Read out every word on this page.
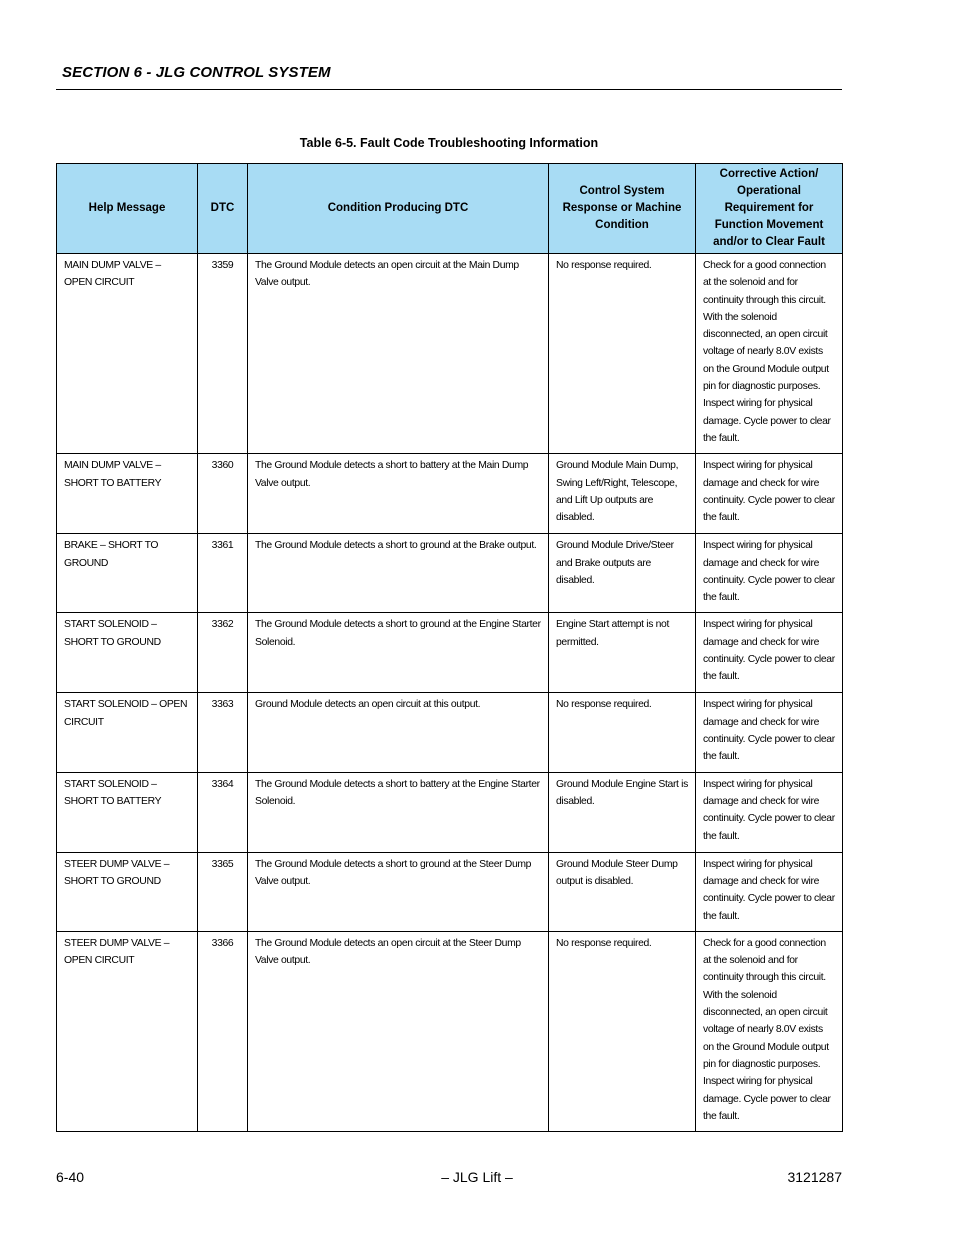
SECTION 6 - JLG CONTROL SYSTEM
Table 6-5. Fault Code Troubleshooting Information
Help Message	DTC	Condition Producing DTC	Control System Response or Machine Condition	Corrective Action/ Operational Requirement for Function Movement and/or to Clear Fault
MAIN DUMP VALVE – OPEN CIRCUIT	3359	The Ground Module detects an open circuit at the Main Dump Valve output.	No response required.	Check for a good connection at the solenoid and for continuity through this circuit. With the solenoid disconnected, an open circuit voltage of nearly 8.0V exists on the Ground Module output pin for diagnostic purposes. Inspect wiring for physical damage. Cycle power to clear the fault.
MAIN DUMP VALVE – SHORT TO BATTERY	3360	The Ground Module detects a short to battery at the Main Dump Valve output.	Ground Module Main Dump, Swing Left/Right, Telescope, and Lift Up outputs are disabled.	Inspect wiring for physical damage and check for wire continuity. Cycle power to clear the fault.
BRAKE – SHORT TO GROUND	3361	The Ground Module detects a short to ground at the Brake output.	Ground Module Drive/Steer and Brake outputs are disabled.	Inspect wiring for physical damage and check for wire continuity. Cycle power to clear the fault.
START SOLENOID – SHORT TO GROUND	3362	The Ground Module detects a short to ground at the Engine Starter Solenoid.	Engine Start attempt is not permitted.	Inspect wiring for physical damage and check for wire continuity. Cycle power to clear the fault.
START SOLENOID – OPEN CIRCUIT	3363	Ground Module detects an open circuit at this output.	No response required.	Inspect wiring for physical damage and check for wire continuity. Cycle power to clear the fault.
START SOLENOID – SHORT TO BATTERY	3364	The Ground Module detects a short to battery at the Engine Starter Solenoid.	Ground Module Engine Start is disabled.	Inspect wiring for physical damage and check for wire continuity. Cycle power to clear the fault.
STEER DUMP VALVE – SHORT TO GROUND	3365	The Ground Module detects a short to ground at the Steer Dump Valve output.	Ground Module Steer Dump output is disabled.	Inspect wiring for physical damage and check for wire continuity. Cycle power to clear the fault.
STEER DUMP VALVE – OPEN CIRCUIT	3366	The Ground Module detects an open circuit at the Steer Dump Valve output.	No response required.	Check for a good connection at the solenoid and for continuity through this circuit. With the solenoid disconnected, an open circuit voltage of nearly 8.0V exists on the Ground Module output pin for diagnostic purposes. Inspect wiring for physical damage. Cycle power to clear the fault.
6-40	– JLG Lift –	3121287
